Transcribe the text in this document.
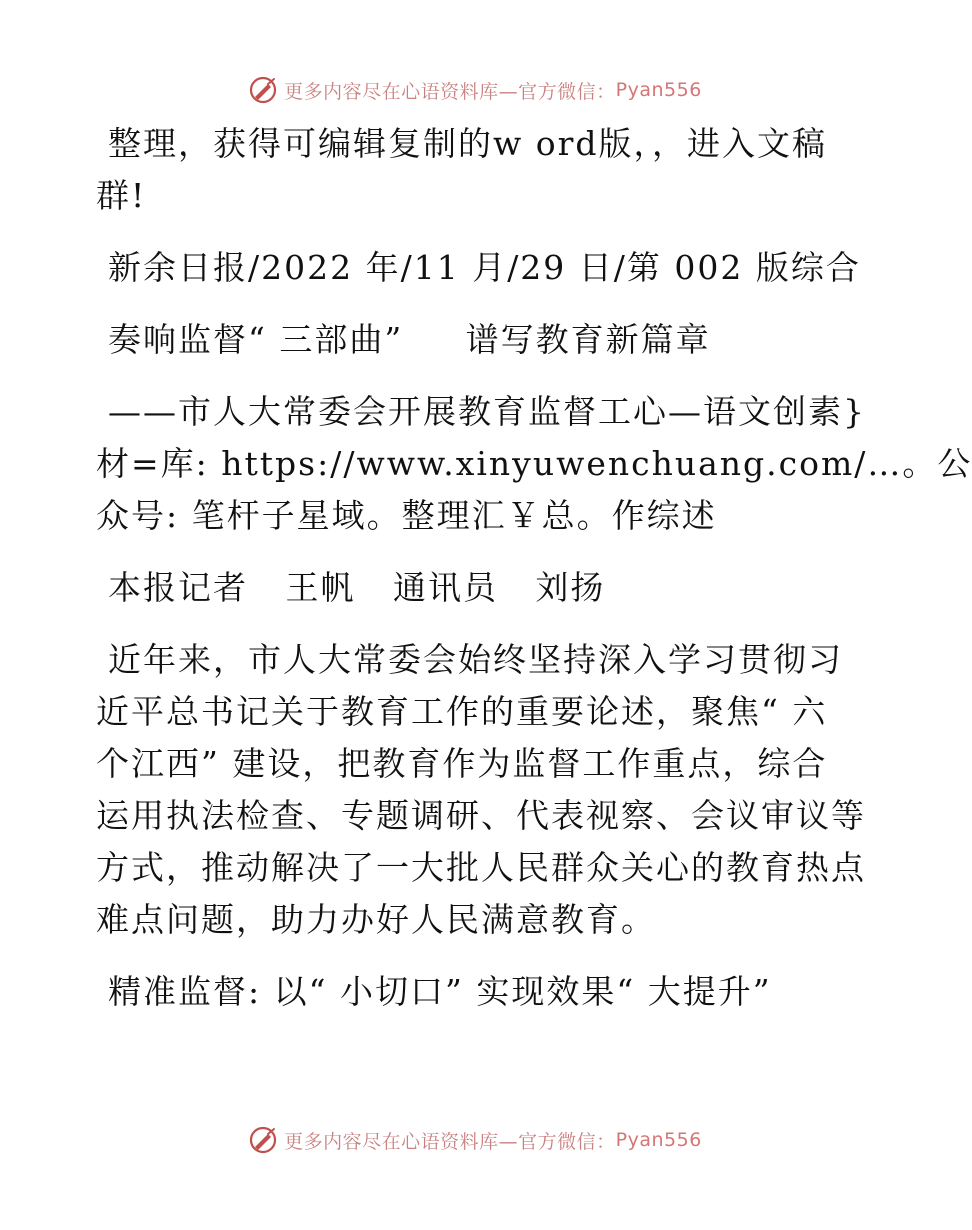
更多内容尽在心语资料库—官方微信： Pyan556

整理，获得可编辑复制的w ord版，，进入文稿

群!

新余日报/2022 年/11 月/29 日/第 002 版综合

奏响监督“ 三部曲”     谱写教育新篇章

——市人大常委会开展教育监督工心—语文创素}

材=库: https://www.xinyuwenchuang.com/…。公

众号: 笔杆子星域。整理汇￥总。作综述

本报记者   王帆   通讯员   刘扬

近年来，市人大常委会始终坚持深入学习贯彻习

近平总书记关于教育工作的重要论述，聚焦“ 六

个江西” 建设，把教育作为监督工作重点，综合

运用执法检查、专题调研、代表视察、会议审议等

方式，推动解决了一大批人民群众关心的教育热点

难点问题，助力办好人民满意教育。

精准监督: 以“ 小切口” 实现效果“ 大提升”

更多内容尽在心语资料库—官方微信： Pyan556
